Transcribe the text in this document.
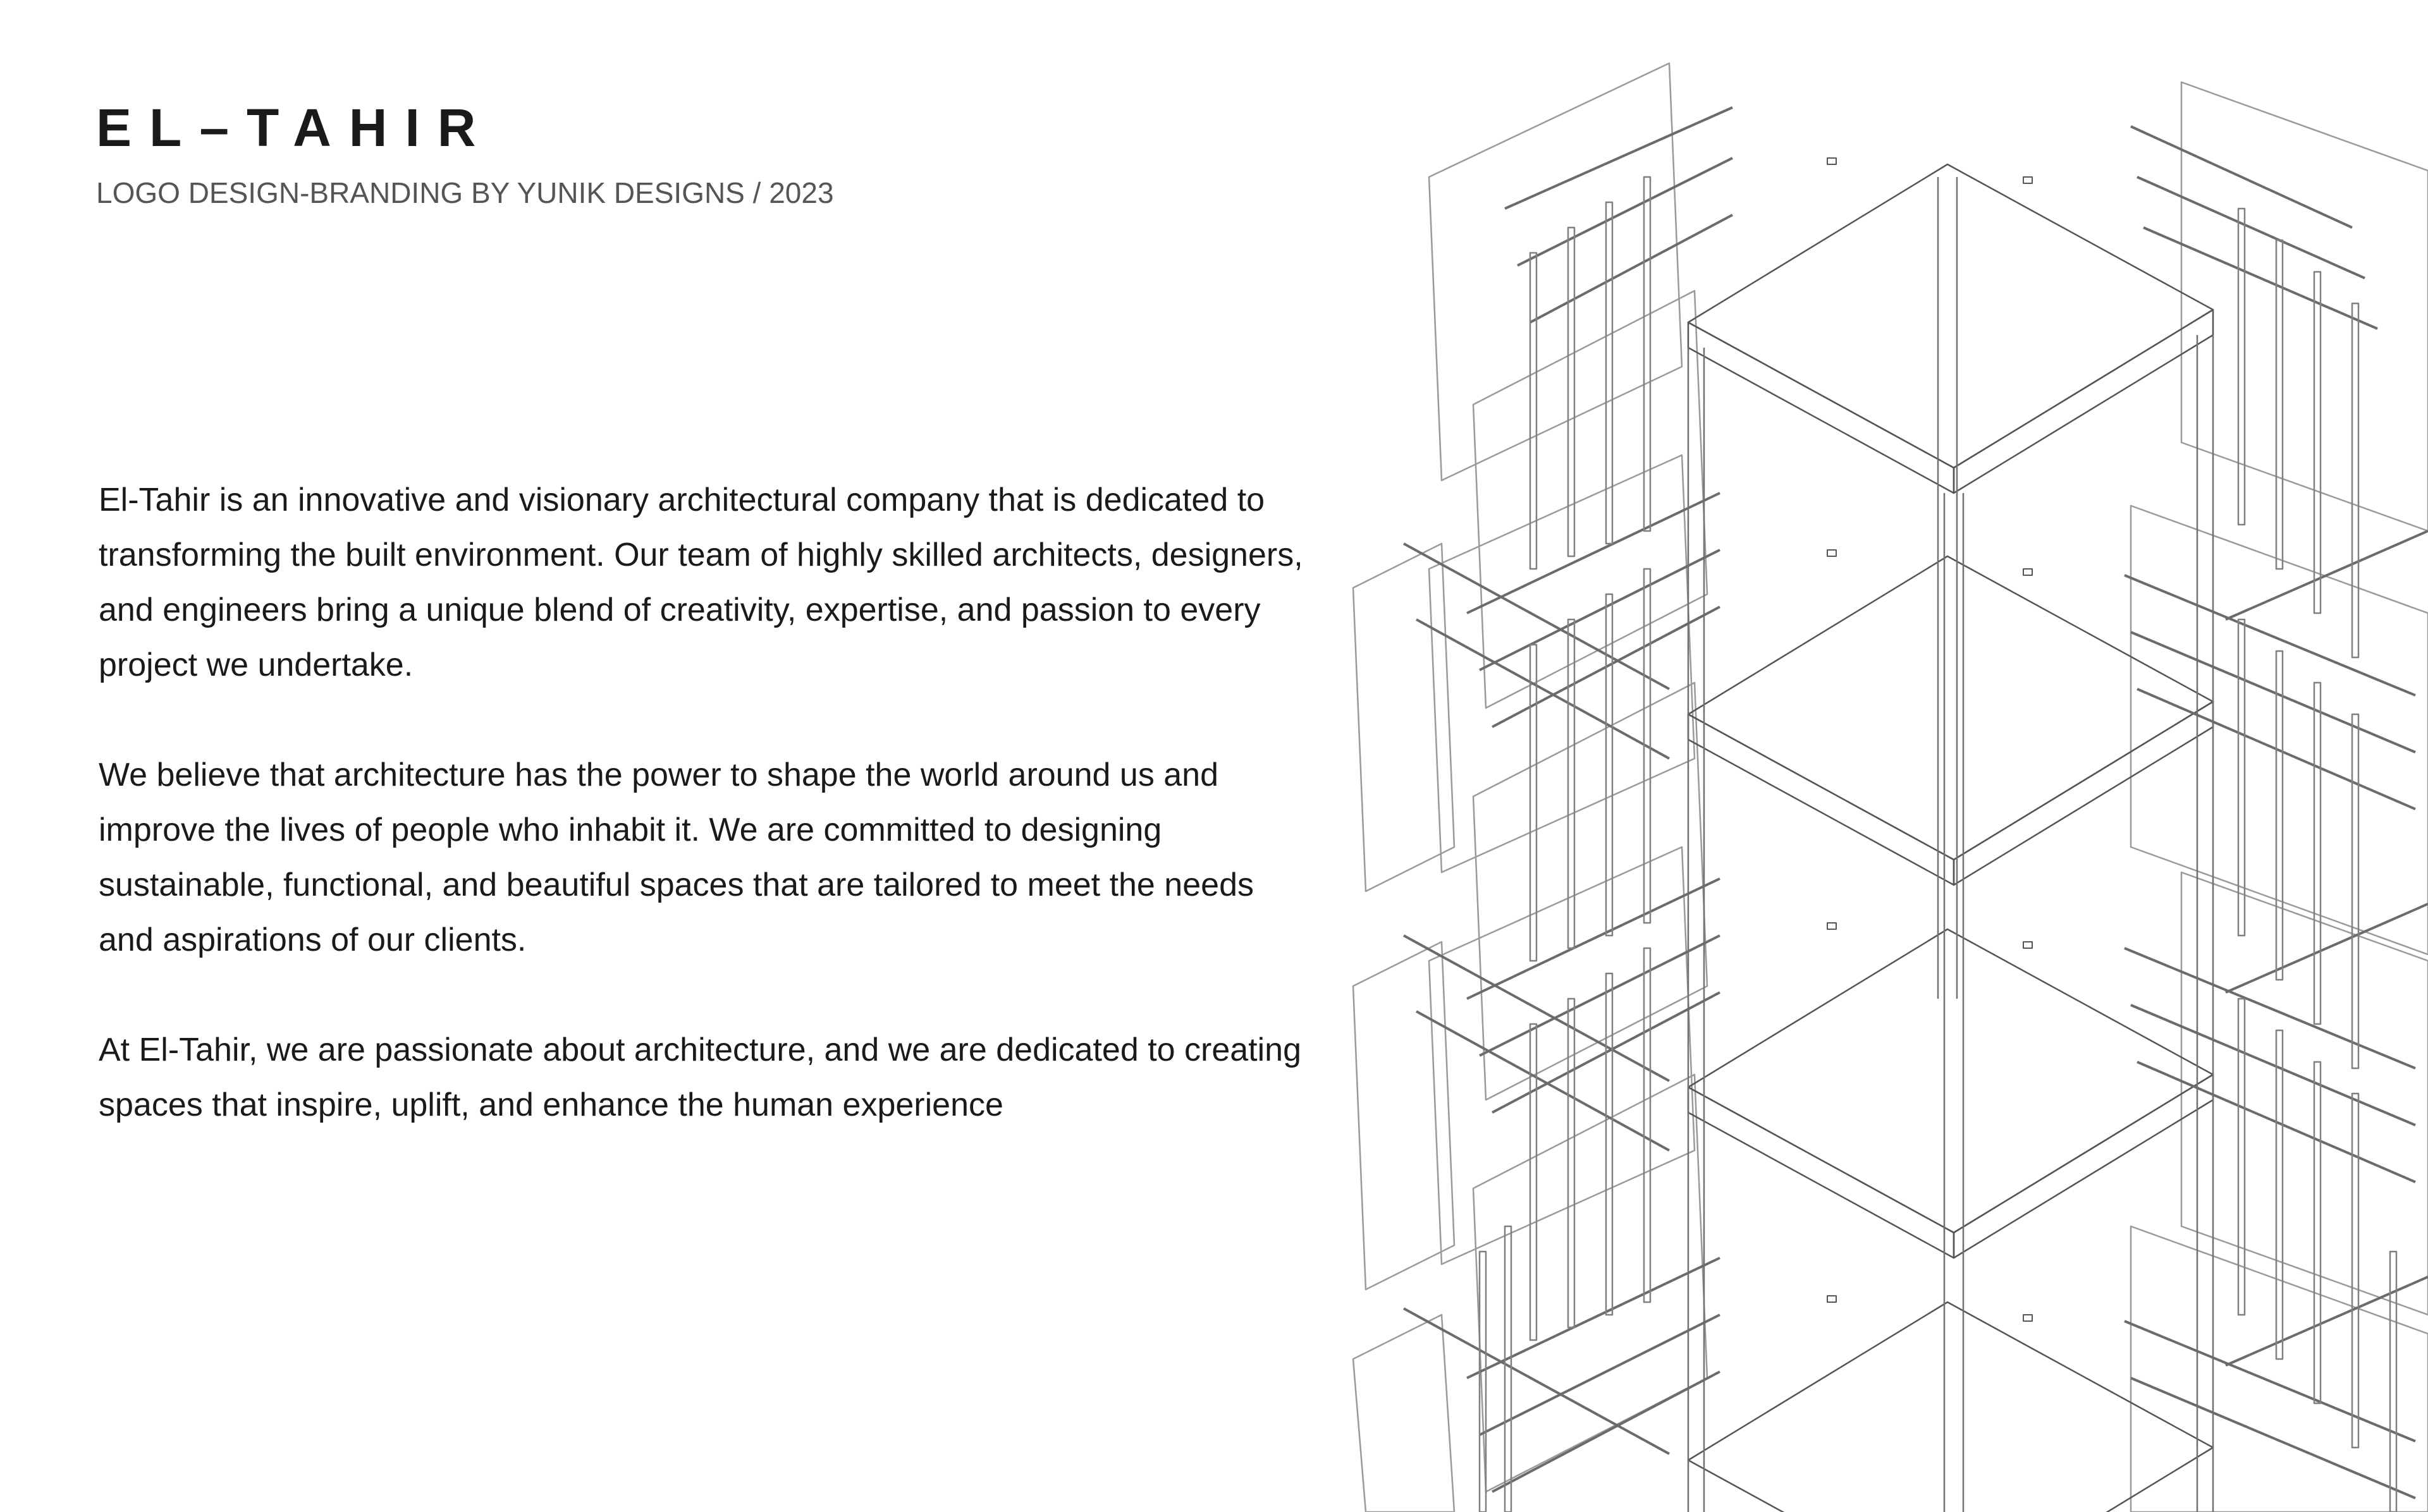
EL–TAHIR
LOGO DESIGN-BRANDING BY YUNIK DESIGNS / 2023

El-Tahir is an innovative and visionary architectural company that is dedicated to transforming the built environment. Our team of highly skilled architects, designers, and engineers bring a unique blend of creativity, expertise, and passion to every project we undertake.

We believe that architecture has the power to shape the world around us and improve the lives of people who inhabit it. We are committed to designing sustainable, functional, and beautiful spaces that are tailored to meet the needs and aspirations of our clients.

At El-Tahir, we are passionate about architecture, and we are dedicated to creating spaces that inspire, uplift, and enhance the human experience
